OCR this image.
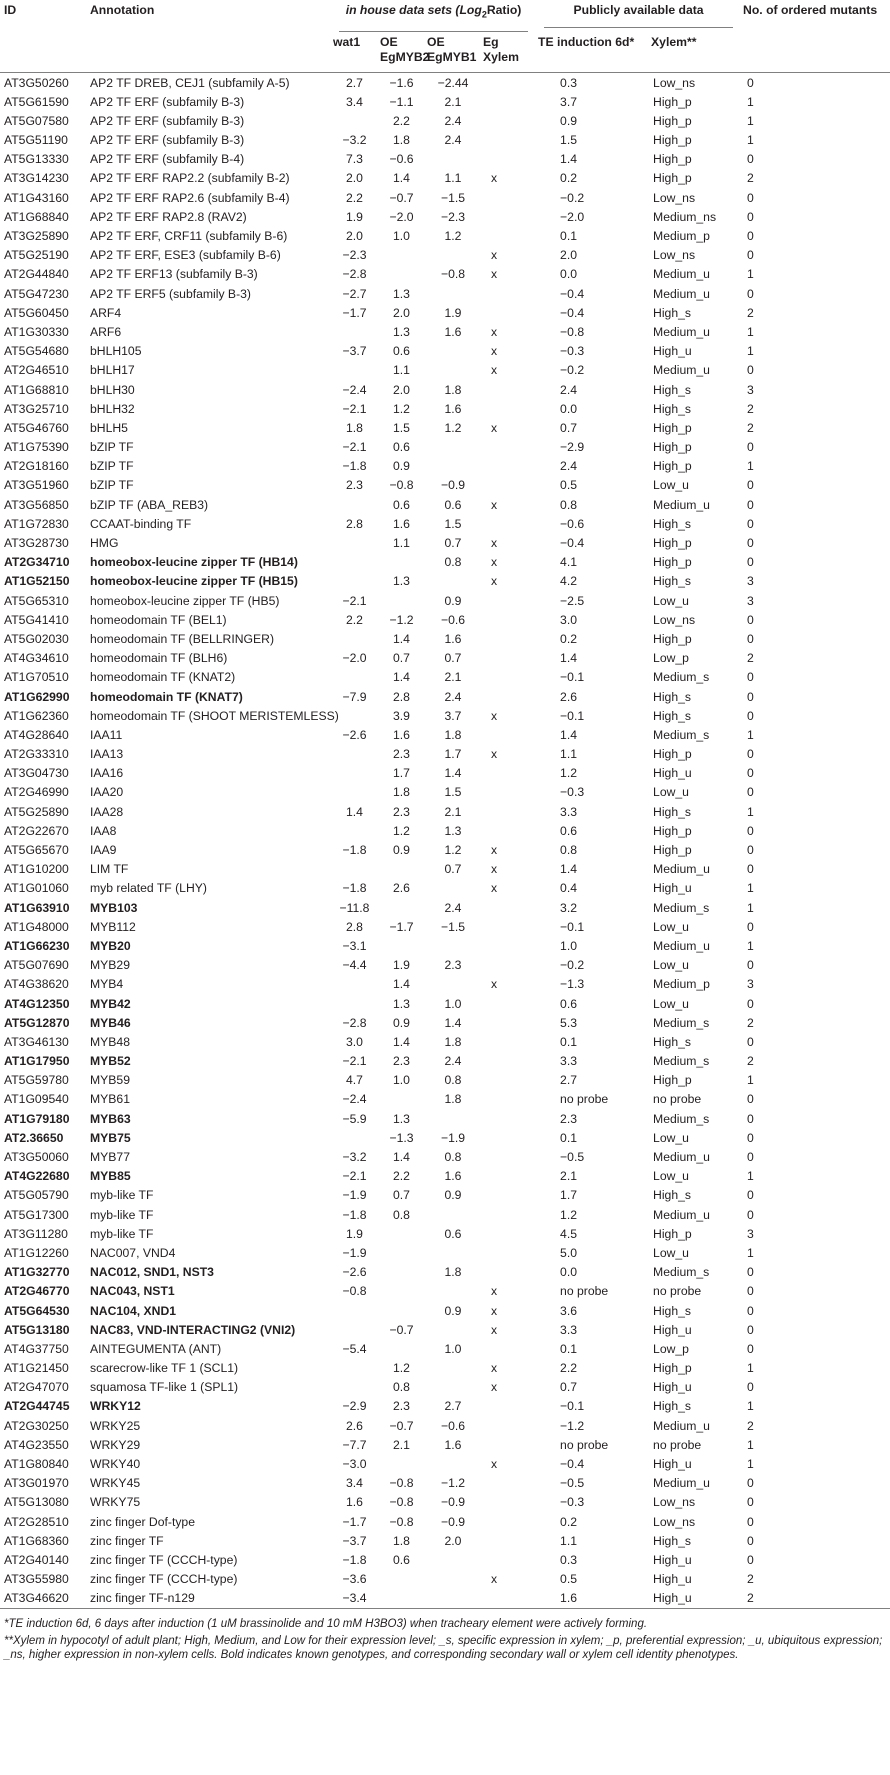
ID	Annotation	in house data sets (Log$_2$Ratio)				Publicly available data		No. of ordered mutants
		wat1	OE EgMYB2	OE EgMYB1	Eg Xylem	TE induction 6d*	Xylem**	
AT3G50260	AP2 TF DREB, CEJ1 (subfamily A-5)	2.7	−1.6	−2.44		0.3	Low_ns	0
AT5G61590	AP2 TF ERF (subfamily B-3)	3.4	−1.1	2.1		3.7	High_p	1
AT5G07580	AP2 TF ERF (subfamily B-3)		2.2	2.4		0.9	High_p	1
AT5G51190	AP2 TF ERF (subfamily B-3)	−3.2	1.8	2.4		1.5	High_p	1
AT5G13330	AP2 TF ERF (subfamily B-4)	7.3	−0.6			1.4	High_p	0
AT3G14230	AP2 TF ERF RAP2.2 (subfamily B-2)	2.0	1.4	1.1	x	0.2	High_p	2
AT1G43160	AP2 TF ERF RAP2.6 (subfamily B-4)	2.2	−0.7	−1.5		−0.2	Low_ns	0
AT1G68840	AP2 TF ERF RAP2.8 (RAV2)	1.9	−2.0	−2.3		−2.0	Medium_ns	0
AT3G25890	AP2 TF ERF, CRF11 (subfamily B-6)	2.0	1.0	1.2		0.1	Medium_p	0
AT5G25190	AP2 TF ERF, ESE3 (subfamily B-6)	−2.3			x	2.0	Low_ns	0
AT2G44840	AP2 TF ERF13 (subfamily B-3)	−2.8		−0.8	x	0.0	Medium_u	1
AT5G47230	AP2 TF ERF5 (subfamily B-3)	−2.7	1.3			−0.4	Medium_u	0
AT5G60450	ARF4	−1.7	2.0	1.9		−0.4	High_s	2
AT1G30330	ARF6		1.3	1.6	x	−0.8	Medium_u	1
AT5G54680	bHLH105	−3.7	0.6		x	−0.3	High_u	1
AT2G46510	bHLH17		1.1		x	−0.2	Medium_u	0
AT1G68810	bHLH30	−2.4	2.0	1.8		2.4	High_s	3
AT3G25710	bHLH32	−2.1	1.2	1.6		0.0	High_s	2
AT5G46760	bHLH5	1.8	1.5	1.2	x	0.7	High_p	2
AT1G75390	bZIP TF	−2.1	0.6			−2.9	High_p	0
AT2G18160	bZIP TF	−1.8	0.9			2.4	High_p	1
AT3G51960	bZIP TF	2.3	−0.8	−0.9		0.5	Low_u	0
AT3G56850	bZIP TF (ABA_REB3)		0.6	0.6	x	0.8	Medium_u	0
AT1G72830	CCAAT-binding TF	2.8	1.6	1.5		−0.6	High_s	0
AT3G28730	HMG		1.1	0.7	x	−0.4	High_p	0
AT2G34710	homeobox-leucine zipper TF (HB14)			0.8	x	4.1	High_p	0
AT1G52150	homeobox-leucine zipper TF (HB15)		1.3		x	4.2	High_s	3
AT5G65310	homeobox-leucine zipper TF (HB5)	−2.1		0.9		−2.5	Low_u	3
AT5G41410	homeodomain TF (BEL1)	2.2	−1.2	−0.6		3.0	Low_ns	0
AT5G02030	homeodomain TF (BELLRINGER)		1.4	1.6		0.2	High_p	0
AT4G34610	homeodomain TF (BLH6)	−2.0	0.7	0.7		1.4	Low_p	2
AT1G70510	homeodomain TF (KNAT2)		1.4	2.1		−0.1	Medium_s	0
AT1G62990	homeodomain TF (KNAT7)	−7.9	2.8	2.4		2.6	High_s	0
AT1G62360	homeodomain TF (SHOOT MERISTEMLESS)		3.9	3.7	x	−0.1	High_s	0
AT4G28640	IAA11	−2.6	1.6	1.8		1.4	Medium_s	1
AT2G33310	IAA13		2.3	1.7	x	1.1	High_p	0
AT3G04730	IAA16		1.7	1.4		1.2	High_u	0
AT2G46990	IAA20		1.8	1.5		−0.3	Low_u	0
AT5G25890	IAA28	1.4	2.3	2.1		3.3	High_s	1
AT2G22670	IAA8		1.2	1.3		0.6	High_p	0
AT5G65670	IAA9	−1.8	0.9	1.2	x	0.8	High_p	0
AT1G10200	LIM TF			0.7	x	1.4	Medium_u	0
AT1G01060	myb related TF (LHY)	−1.8	2.6		x	0.4	High_u	1
AT1G63910	MYB103	−11.8		2.4		3.2	Medium_s	1
AT1G48000	MYB112	2.8	−1.7	−1.5		−0.1	Low_u	0
AT1G66230	MYB20	−3.1				1.0	Medium_u	1
AT5G07690	MYB29	−4.4	1.9	2.3		−0.2	Low_u	0
AT4G38620	MYB4		1.4		x	−1.3	Medium_p	3
AT4G12350	MYB42		1.3	1.0		0.6	Low_u	0
AT5G12870	MYB46	−2.8	0.9	1.4		5.3	Medium_s	2
AT3G46130	MYB48	3.0	1.4	1.8		0.1	High_s	0
AT1G17950	MYB52	−2.1	2.3	2.4		3.3	Medium_s	2
AT5G59780	MYB59	4.7	1.0	0.8		2.7	High_p	1
AT1G09540	MYB61	−2.4		1.8		no probe	no probe	0
AT1G79180	MYB63	−5.9	1.3			2.3	Medium_s	0
AT2.36650	MYB75		−1.3	−1.9		0.1	Low_u	0
AT3G50060	MYB77	−3.2	1.4	0.8		−0.5	Medium_u	0
AT4G22680	MYB85	−2.1	2.2	1.6		2.1	Low_u	1
AT5G05790	myb-like TF	−1.9	0.7	0.9		1.7	High_s	0
AT5G17300	myb-like TF	−1.8	0.8			1.2	Medium_u	0
AT3G11280	myb-like TF	1.9		0.6		4.5	High_p	3
AT1G12260	NAC007, VND4	−1.9				5.0	Low_u	1
AT1G32770	NAC012, SND1, NST3	−2.6		1.8		0.0	Medium_s	0
AT2G46770	NAC043, NST1	−0.8			x	no probe	no probe	0
AT5G64530	NAC104, XND1			0.9	x	3.6	High_s	0
AT5G13180	NAC83, VND-INTERACTING2 (VNI2)		−0.7		x	3.3	High_u	0
AT4G37750	AINTEGUMENTA (ANT)	−5.4		1.0		0.1	Low_p	0
AT1G21450	scarecrow-like TF 1 (SCL1)		1.2		x	2.2	High_p	1
AT2G47070	squamosa TF-like 1 (SPL1)		0.8		x	0.7	High_u	0
AT2G44745	WRKY12	−2.9	2.3	2.7		−0.1	High_s	1
AT2G30250	WRKY25	2.6	−0.7	−0.6		−1.2	Medium_u	2
AT4G23550	WRKY29	−7.7	2.1	1.6		no probe	no probe	1
AT1G80840	WRKY40	−3.0			x	−0.4	High_u	1
AT3G01970	WRKY45	3.4	−0.8	−1.2		−0.5	Medium_u	0
AT5G13080	WRKY75	1.6	−0.8	−0.9		−0.3	Low_ns	0
AT2G28510	zinc finger Dof-type	−1.7	−0.8	−0.9		0.2	Low_ns	0
AT1G68360	zinc finger TF	−3.7	1.8	2.0		1.1	High_s	0
AT2G40140	zinc finger TF (CCCH-type)	−1.8	0.6			0.3	High_u	0
AT3G55980	zinc finger TF (CCCH-type)	−3.6			x	0.5	High_u	2
AT3G46620	zinc finger TF-n129	−3.4				1.6	High_u	2

*TE induction 6d, 6 days after induction (1 uM brassinolide and 10 mM H3BO3) when tracheary element were actively forming.

**Xylem in hypocotyl of adult plant; High, Medium, and Low for their expression level; _s, specific expression in xylem; _p, preferential expression; _u, ubiquitous expression; _ns, higher expression in non-xylem cells. Bold indicates known genotypes, and corresponding secondary wall or xylem cell identity phenotypes.
